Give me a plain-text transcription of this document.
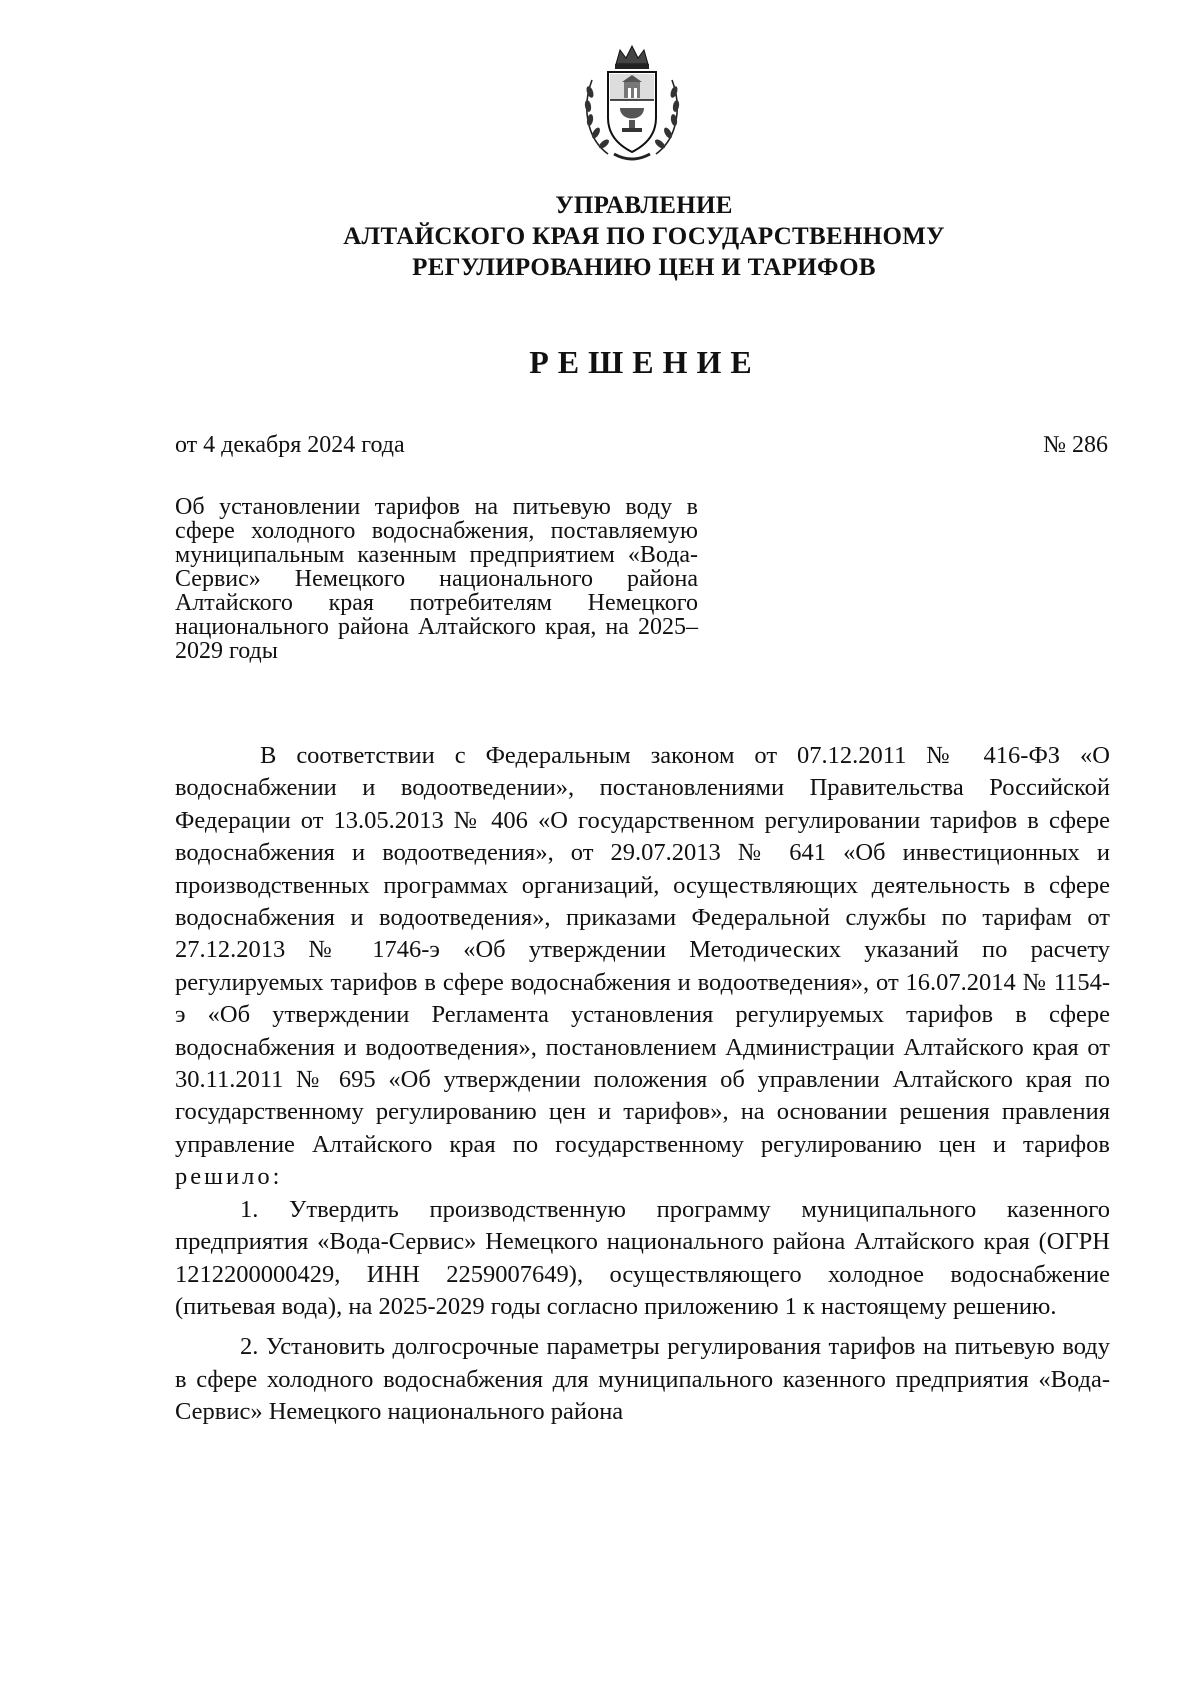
УПРАВЛЕНИЕ
АЛТАЙСКОГО КРАЯ ПО ГОСУДАРСТВЕННОМУ
РЕГУЛИРОВАНИЮ ЦЕН И ТАРИФОВ
РЕШЕНИЕ
от 4 декабря 2024 года	№ 286
Об установлении тарифов на питьевую воду в сфере холодного водоснабжения, поставляемую муниципальным казенным предприятием «Вода-Сервис» Немецкого национального района Алтайского края потребителям Немецкого национального района Алтайского края, на 2025–2029 годы

В соответствии с Федеральным законом от 07.12.2011 № 416-ФЗ «О водоснабжении и водоотведении», постановлениями Правительства Российской Федерации от 13.05.2013 № 406 «О государственном регулировании тарифов в сфере водоснабжения и водоотведения», от 29.07.2013 № 641 «Об инвестиционных и производственных программах организаций, осуществляющих деятельность в сфере водоснабжения и водоотведения», приказами Федеральной службы по тарифам от 27.12.2013 № 1746-э «Об утверждении Методических указаний по расчету регулируемых тарифов в сфере водоснабжения и водоотведения», от 16.07.2014 № 1154-э «Об утверждении Регламента установления регулируемых тарифов в сфере водоснабжения и водоотведения», постановлением Администрации Алтайского края от 30.11.2011 № 695 «Об утверждении положения об управлении Алтайского края по государственному регулированию цен и тарифов», на основании решения правления управление Алтайского края по государственному регулированию цен и тарифов решило:

1. Утвердить производственную программу муниципального казенного предприятия «Вода-Сервис» Немецкого национального района Алтайского края (ОГРН 1212200000429, ИНН 2259007649), осуществляющего холодное водоснабжение (питьевая вода), на 2025-2029 годы согласно приложению 1 к настоящему решению.

2. Установить долгосрочные параметры регулирования тарифов на питьевую воду в сфере холодного водоснабжения для муниципального казенного предприятия «Вода-Сервис» Немецкого национального района
